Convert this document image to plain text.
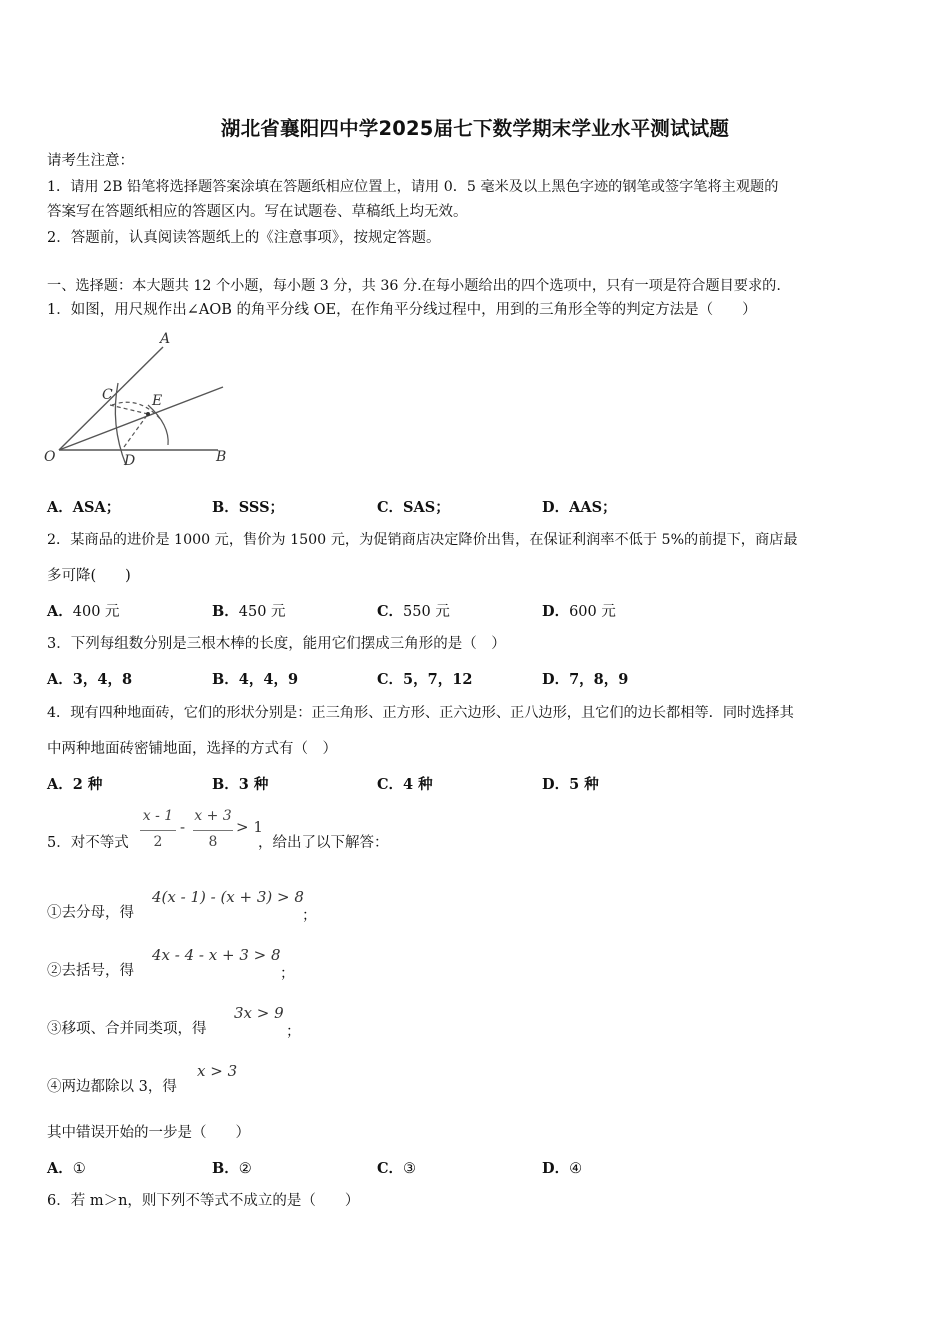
湖北省襄阳四中学2025届七下数学期末学业水平测试试题
请考生注意：
1．请用 2B 铅笔将选择题答案涂填在答题纸相应位置上，请用 0．5 毫米及以上黑色字迹的钢笔或签字笔将主观题的
答案写在答题纸相应的答题区内。写在试题卷、草稿纸上均无效。
2．答题前，认真阅读答题纸上的《注意事项》，按规定答题。
一、选择题：本大题共 12 个小题，每小题 3 分，共 36 分.在每小题给出的四个选项中，只有一项是符合题目要求的.
1．如图，用尺规作出∠AOB 的角平分线 OE，在作角平分线过程中，用到的三角形全等的判定方法是（　　）
A
B
C
D
E
O
A．ASA；	B．SSS；	C．SAS；	D．AAS；
2．某商品的进价是 1000 元，售价为 1500 元，为促销商店决定降价出售，在保证利润率不低于 5%的前提下，商店最
多可降(　　)
A．400 元	B．450 元	C．550 元	D．600 元
3．下列每组数分别是三根木棒的长度，能用它们摆成三角形的是（　）
A．3，4，8	B．4，4，9	C．5，7，12	D．7，8，9
4．现有四种地面砖，它们的形状分别是：正三角形、正方形、正六边形、正八边形，且它们的边长都相等．同时选择其
中两种地面砖密铺地面，选择的方式有（　）
A．2 种	B．3 种	C．4 种	D．5 种
5．对不等式
x - 1
2
-
x + 3
8
> 1
，给出了以下解答：
①去分母，得
4(x - 1) - (x + 3) > 8
；
②去括号，得
4x - 4 - x + 3 > 8
；
③移项、合并同类项，得
3x > 9
；
④两边都除以 3，得
x > 3
其中错误开始的一步是（　　）
A．①	B．②	C．③	D．④
6．若 m＞n，则下列不等式不成立的是（　　）
